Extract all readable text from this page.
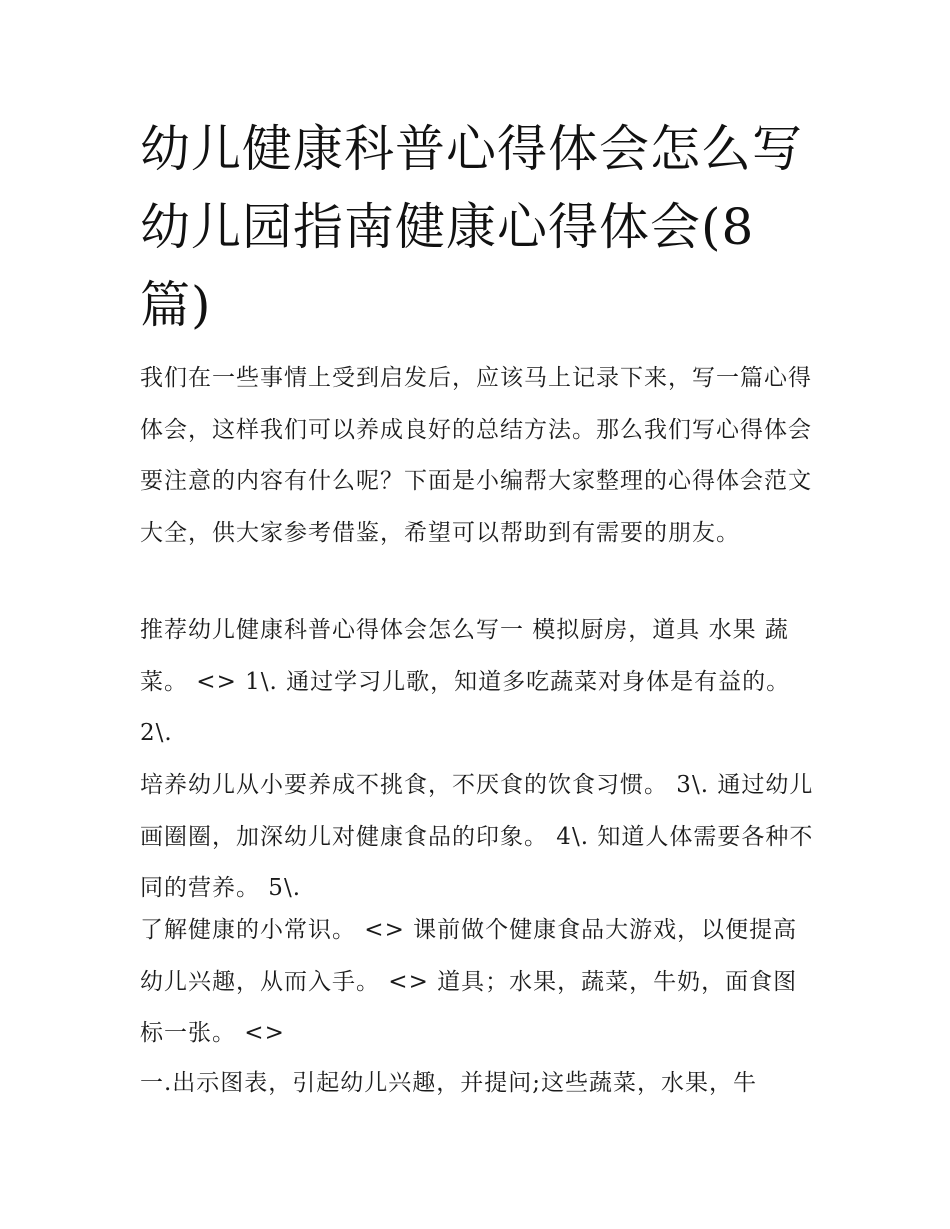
幼儿健康科普心得体会怎么写幼儿园指南健康心得体会(8篇)

我们在一些事情上受到启发后，应该马上记录下来，写一篇心得体会，这样我们可以养成良好的总结方法。那么我们写心得体会要注意的内容有什么呢？下面是小编帮大家整理的心得体会范文大全，供大家参考借鉴，希望可以帮助到有需要的朋友。

推荐幼儿健康科普心得体会怎么写一 模拟厨房，道具 水果 蔬菜。 <> 1\. 通过学习儿歌，知道多吃蔬菜对身体是有益的。 2\.

培养幼儿从小要养成不挑食，不厌食的饮食习惯。 3\. 通过幼儿画圈圈，加深幼儿对健康食品的印象。 4\. 知道人体需要各种不同的营养。 5\.

了解健康的小常识。 <> 课前做个健康食品大游戏，以便提高幼儿兴趣，从而入手。 <> 道具；水果，蔬菜，牛奶，面食图标一张。 <>

一.出示图表，引起幼儿兴趣，并提问;这些蔬菜，水果，牛
